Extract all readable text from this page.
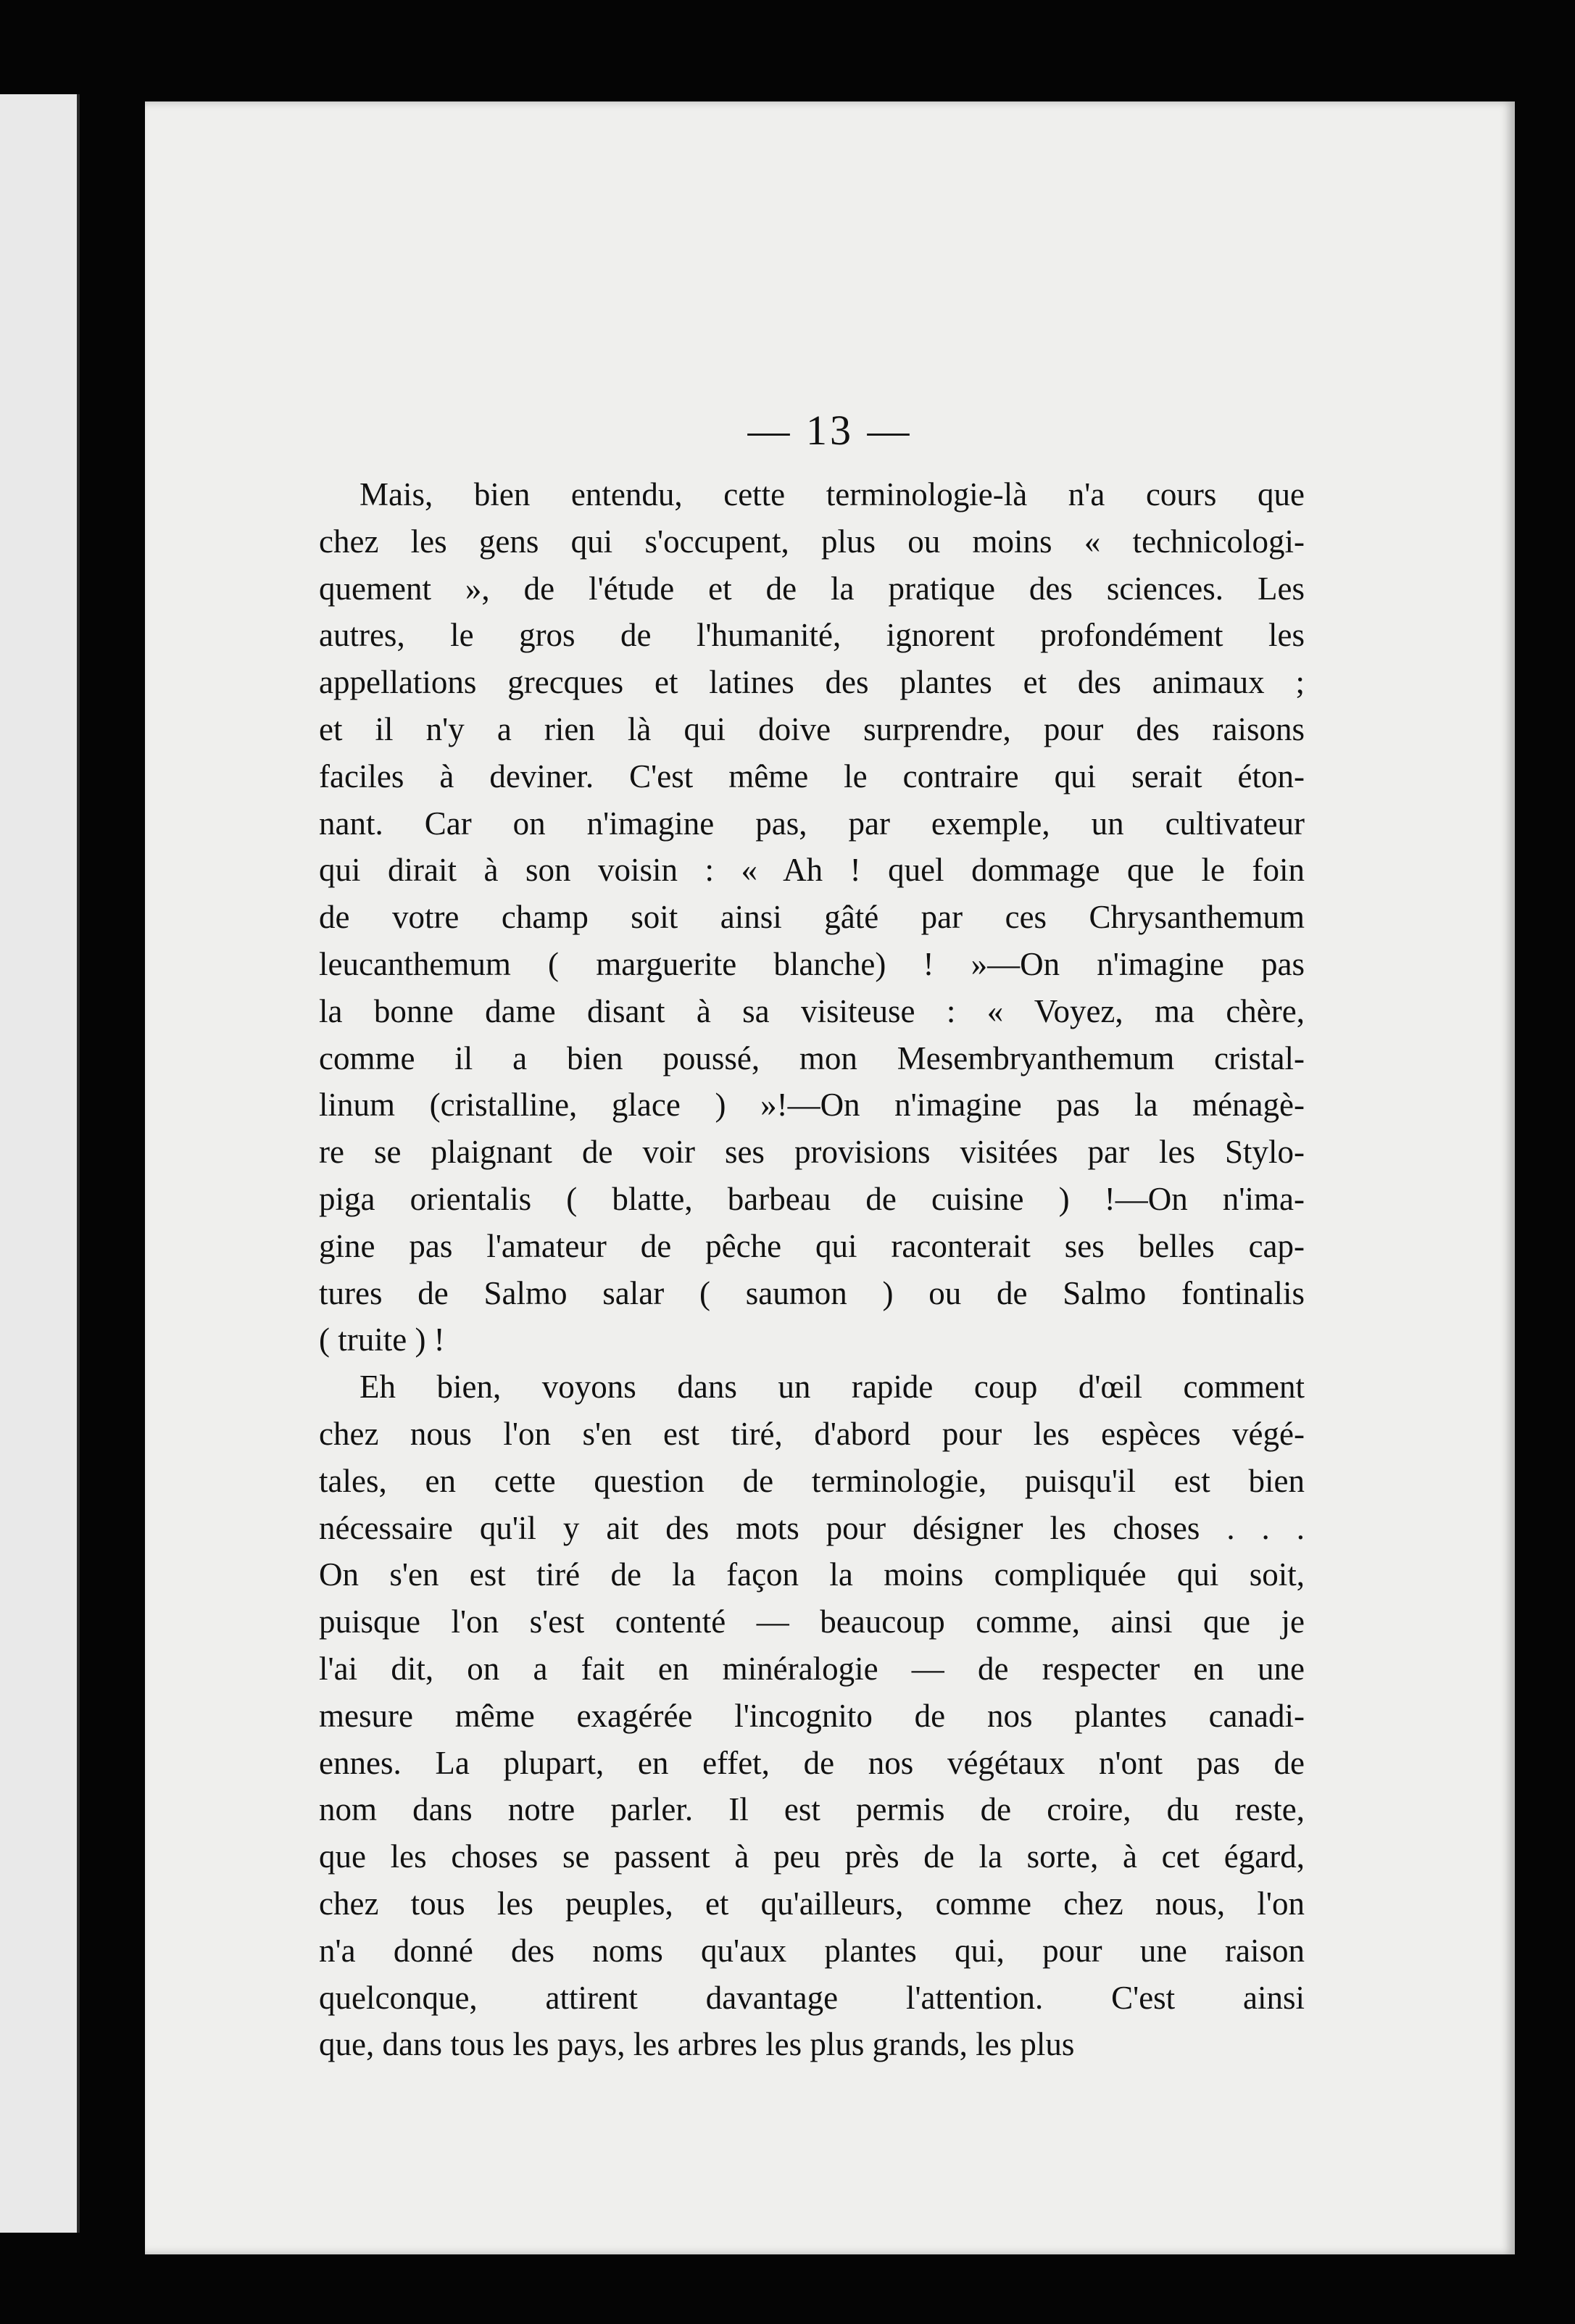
— 13 —
Mais, bien entendu, cette terminologie-là n'a cours que
chez les gens qui s'occupent, plus ou moins « technicologi-
quement », de l'étude et de la pratique des sciences. Les
autres, le gros de l'humanité, ignorent profondément les
appellations grecques et latines des plantes et des animaux ;
et il n'y a rien là qui doive surprendre, pour des raisons
faciles à deviner. C'est même le contraire qui serait éton-
nant. Car on n'imagine pas, par exemple, un cultivateur
qui dirait à son voisin : « Ah ! quel dommage que le foin
de votre champ soit ainsi gâté par ces Chrysanthemum
leucanthemum ( marguerite blanche) ! »—On n'imagine pas
la bonne dame disant à sa visiteuse : « Voyez, ma chère,
comme il a bien poussé, mon Mesembryanthemum cristal-
linum (cristalline, glace ) »!—On n'imagine pas la ménagè-
re se plaignant de voir ses provisions visitées par les Stylo-
piga orientalis ( blatte, barbeau de cuisine ) !—On n'ima-
gine pas l'amateur de pêche qui raconterait ses belles cap-
tures de Salmo salar ( saumon ) ou de Salmo fontinalis
( truite ) !
Eh bien, voyons dans un rapide coup d'œil comment
chez nous l'on s'en est tiré, d'abord pour les espèces végé-
tales, en cette question de terminologie, puisqu'il est bien
nécessaire qu'il y ait des mots pour désigner les choses . . .
On s'en est tiré de la façon la moins compliquée qui soit,
puisque l'on s'est contenté — beaucoup comme, ainsi que je
l'ai dit, on a fait en minéralogie — de respecter en une
mesure même exagérée l'incognito de nos plantes canadi-
ennes. La plupart, en effet, de nos végétaux n'ont pas de
nom dans notre parler. Il est permis de croire, du reste,
que les choses se passent à peu près de la sorte, à cet égard,
chez tous les peuples, et qu'ailleurs, comme chez nous, l'on
n'a donné des noms qu'aux plantes qui, pour une raison
quelconque, attirent davantage l'attention. C'est ainsi
que, dans tous les pays, les arbres les plus grands, les plus
